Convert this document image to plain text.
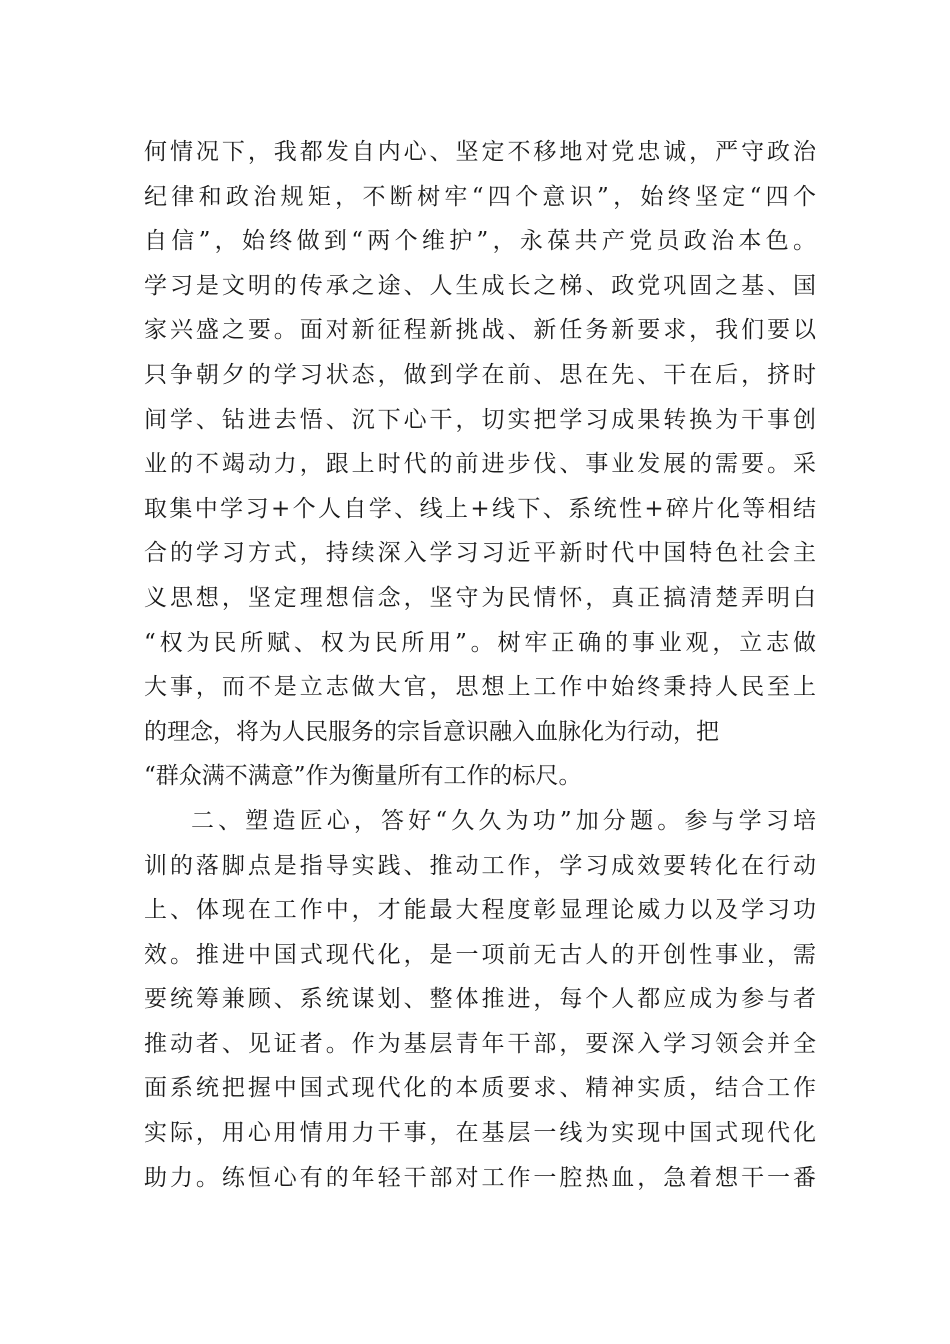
何情况下，我都发自内心、坚定不移地对党忠诚，严守政治
纪律和政治规矩，不断树牢“四个意识”，始终坚定“四个
自信”，始终做到“两个维护”，永葆共产党员政治本色。
学习是文明的传承之途、人生成长之梯、政党巩固之基、国
家兴盛之要。面对新征程新挑战、新任务新要求，我们要以
只争朝夕的学习状态，做到学在前、思在先、干在后，挤时
间学、钻进去悟、沉下心干，切实把学习成果转换为干事创
业的不竭动力，跟上时代的前进步伐、事业发展的需要。采
取集中学习+个人自学、线上+线下、系统性+碎片化等相结
合的学习方式，持续深入学习习近平新时代中国特色社会主
义思想，坚定理想信念，坚守为民情怀，真正搞清楚弄明白
“权为民所赋、权为民所用”。树牢正确的事业观，立志做
大事，而不是立志做大官，思想上工作中始终秉持人民至上
的理念，将为人民服务的宗旨意识融入血脉化为行动，把
“群众满不满意”作为衡量所有工作的标尺。
二、塑造匠心，答好“久久为功”加分题。参与学习培
训的落脚点是指导实践、推动工作，学习成效要转化在行动
上、体现在工作中，才能最大程度彰显理论威力以及学习功
效。推进中国式现代化，是一项前无古人的开创性事业，需
要统筹兼顾、系统谋划、整体推进，每个人都应成为参与者
推动者、见证者。作为基层青年干部，要深入学习领会并全
面系统把握中国式现代化的本质要求、精神实质，结合工作
实际，用心用情用力干事，在基层一线为实现中国式现代化
助力。练恒心有的年轻干部对工作一腔热血，急着想干一番
